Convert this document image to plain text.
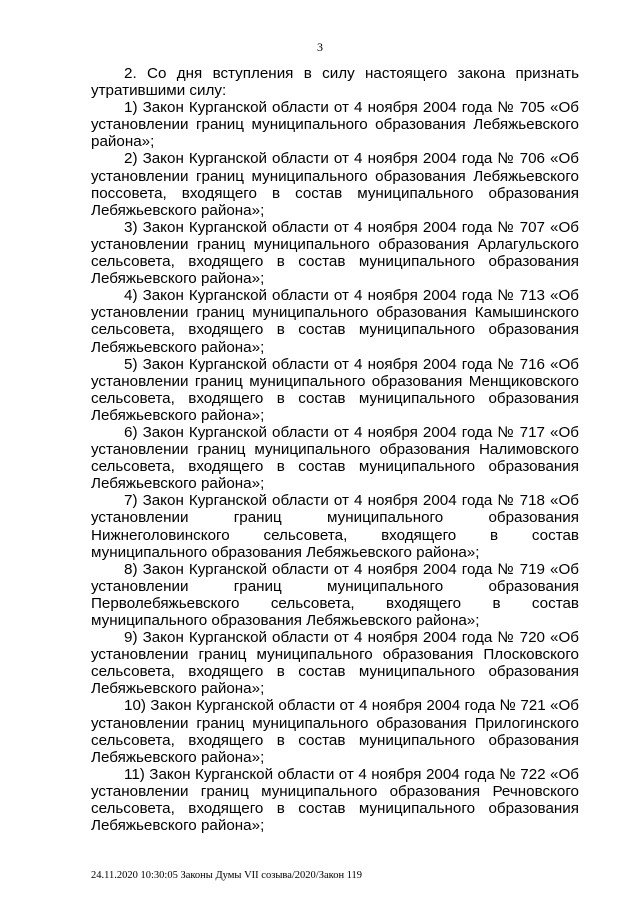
3

2. Со дня вступления в силу настоящего закона признать утратившими силу:

1) Закон Курганской области от 4 ноября 2004 года № 705 «Об установлении границ муниципального образования Лебяжьевского района»;

2) Закон Курганской области от 4 ноября 2004 года № 706 «Об установлении границ муниципального образования Лебяжьевского поссовета, входящего в состав муниципального образования Лебяжьевского района»;

3) Закон Курганской области от 4 ноября 2004 года № 707 «Об установлении границ муниципального образования Арлагульского сельсовета, входящего в состав муниципального образования Лебяжьевского района»;

4) Закон Курганской области от 4 ноября 2004 года № 713 «Об установлении границ муниципального образования Камышинского сельсовета, входящего в состав муниципального образования Лебяжьевского района»;

5) Закон Курганской области от 4 ноября 2004 года № 716 «Об установлении границ муниципального образования Менщиковского сельсовета, входящего в состав муниципального образования Лебяжьевского района»;

6) Закон Курганской области от 4 ноября 2004 года № 717 «Об установлении границ муниципального образования Налимовского сельсовета, входящего в состав муниципального образования Лебяжьевского района»;

7) Закон Курганской области от 4 ноября 2004 года № 718 «Об установлении границ муниципального образования Нижнеголовинского сельсовета, входящего в состав муниципального образования Лебяжьевского района»;

8) Закон Курганской области от 4 ноября 2004 года № 719 «Об установлении границ муниципального образования Перволебяжьевского сельсовета, входящего в состав муниципального образования Лебяжьевского района»;

9) Закон Курганской области от 4 ноября 2004 года № 720 «Об установлении границ муниципального образования Плосковского сельсовета, входящего в состав муниципального образования Лебяжьевского района»;

10) Закон Курганской области от 4 ноября 2004 года № 721 «Об установлении границ муниципального образования Прилогинского сельсовета, входящего в состав муниципального образования Лебяжьевского района»;

11) Закон Курганской области от 4 ноября 2004 года № 722 «Об установлении границ муниципального образования Речновского сельсовета, входящего в состав муниципального образования Лебяжьевского района»;

24.11.2020 10:30:05 Законы Думы VII созыва/2020/Закон 119
